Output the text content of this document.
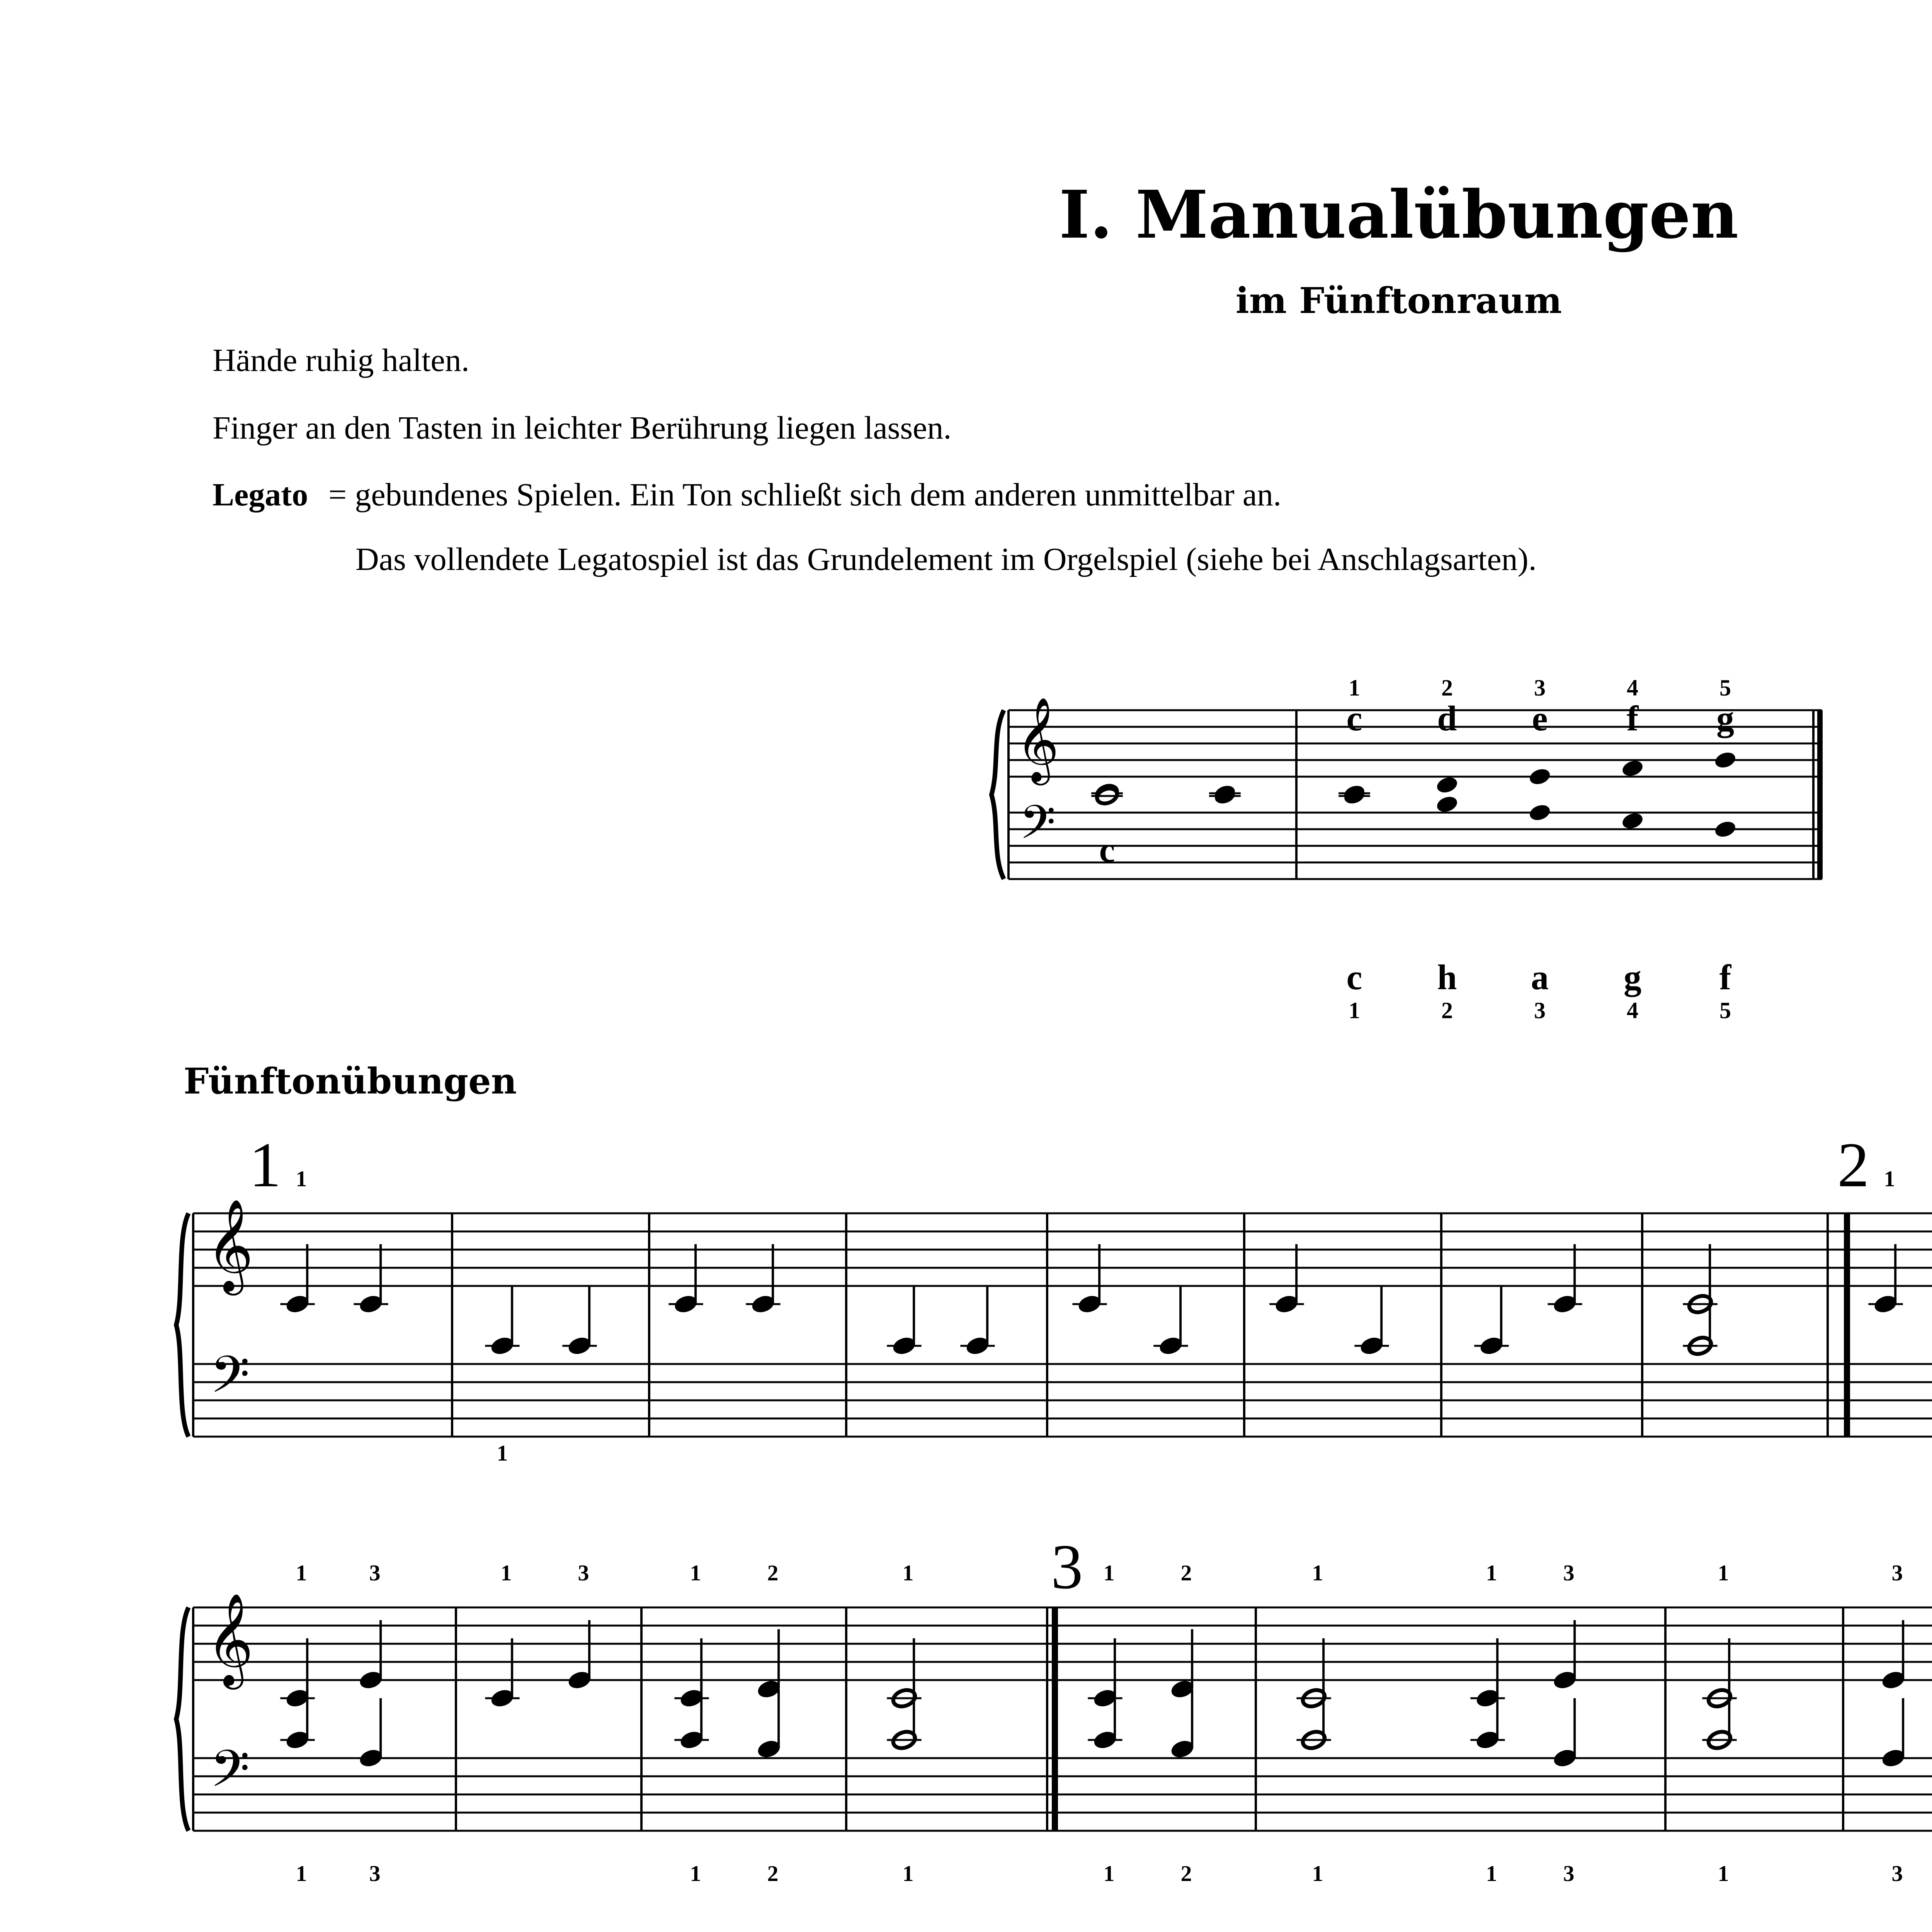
I. Manualübungen
im Fünftonraum
Hände ruhig halten.
Finger an den Tasten in leichter Berührung liegen lassen.
Legato = gebundenes Spielen. Ein Ton schließt sich dem anderen unmittelbar an.
Das vollendete Legatospiel ist das Grundelement im Orgelspiel (siehe bei Anschlagsarten).
c
1	2	3	4	5
c d e f g
c h a g f
1	2	3	4	5
Fünftonübungen
1	2
3
𝄞
𝄢
𝄞
𝄢
1	1
1
𝄞
𝄢
1	3
1	3
1	3	1	2
1	2
1
1
1	2
1	2
1
1
1	3
1	3
1
1
3
3
